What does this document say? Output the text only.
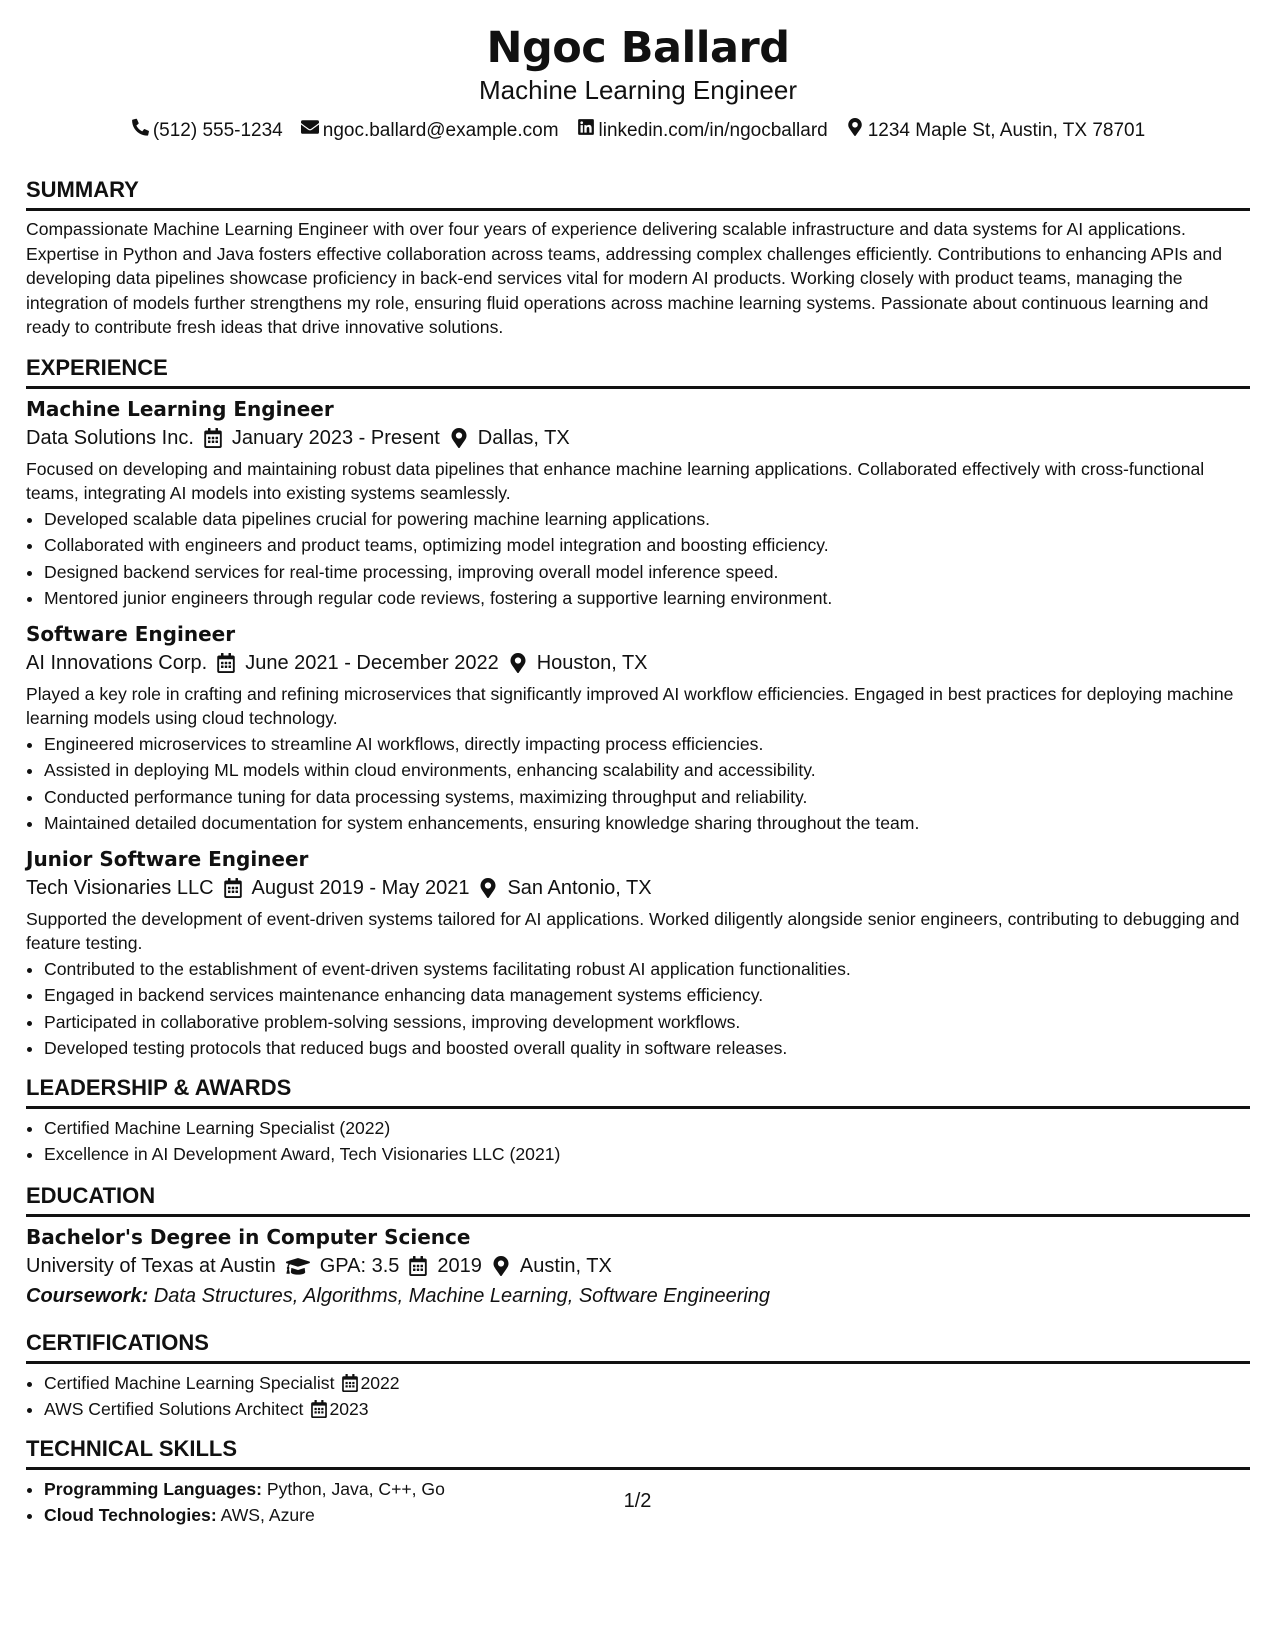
Ngoc Ballard
Machine Learning Engineer
(512) 555-1234 ngoc.ballard@example.com linkedin.com/in/ngocballard 1234 Maple St, Austin, TX 78701
SUMMARY

Compassionate Machine Learning Engineer with over four years of experience delivering scalable infrastructure and data systems for AI applications. Expertise in Python and Java fosters effective collaboration across teams, addressing complex challenges efficiently. Contributions to enhancing APIs and developing data pipelines showcase proficiency in back-end services vital for modern AI products. Working closely with product teams, managing the integration of models further strengthens my role, ensuring fluid operations across machine learning systems. Passionate about continuous learning and ready to contribute fresh ideas that drive innovative solutions.

EXPERIENCE
Machine Learning Engineer
Data Solutions Inc. January 2023 - Present Dallas, TX

Focused on developing and maintaining robust data pipelines that enhance machine learning applications. Collaborated effectively with cross-functional teams, integrating AI models into existing systems seamlessly.

• Developed scalable data pipelines crucial for powering machine learning applications.
• Collaborated with engineers and product teams, optimizing model integration and boosting efficiency.
• Designed backend services for real-time processing, improving overall model inference speed.
• Mentored junior engineers through regular code reviews, fostering a supportive learning environment.
Software Engineer
AI Innovations Corp. June 2021 - December 2022 Houston, TX

Played a key role in crafting and refining microservices that significantly improved AI workflow efficiencies. Engaged in best practices for deploying machine learning models using cloud technology.

• Engineered microservices to streamline AI workflows, directly impacting process efficiencies.
• Assisted in deploying ML models within cloud environments, enhancing scalability and accessibility.
• Conducted performance tuning for data processing systems, maximizing throughput and reliability.
• Maintained detailed documentation for system enhancements, ensuring knowledge sharing throughout the team.
Junior Software Engineer
Tech Visionaries LLC August 2019 - May 2021 San Antonio, TX

Supported the development of event-driven systems tailored for AI applications. Worked diligently alongside senior engineers, contributing to debugging and feature testing.

• Contributed to the establishment of event-driven systems facilitating robust AI application functionalities.
• Engaged in backend services maintenance enhancing data management systems efficiency.
• Participated in collaborative problem-solving sessions, improving development workflows.
• Developed testing protocols that reduced bugs and boosted overall quality in software releases.
LEADERSHIP & AWARDS
• Certified Machine Learning Specialist (2022)
• Excellence in AI Development Award, Tech Visionaries LLC (2021)
EDUCATION
Bachelor's Degree in Computer Science
University of Texas at Austin GPA: 3.5 2019 Austin, TX
Coursework: Data Structures, Algorithms, Machine Learning, Software Engineering
CERTIFICATIONS
• Certified Machine Learning Specialist 2022
• AWS Certified Solutions Architect 2023
TECHNICAL SKILLS
• Programming Languages: Python, Java, C++, Go
• Cloud Technologies: AWS, Azure
1/2
